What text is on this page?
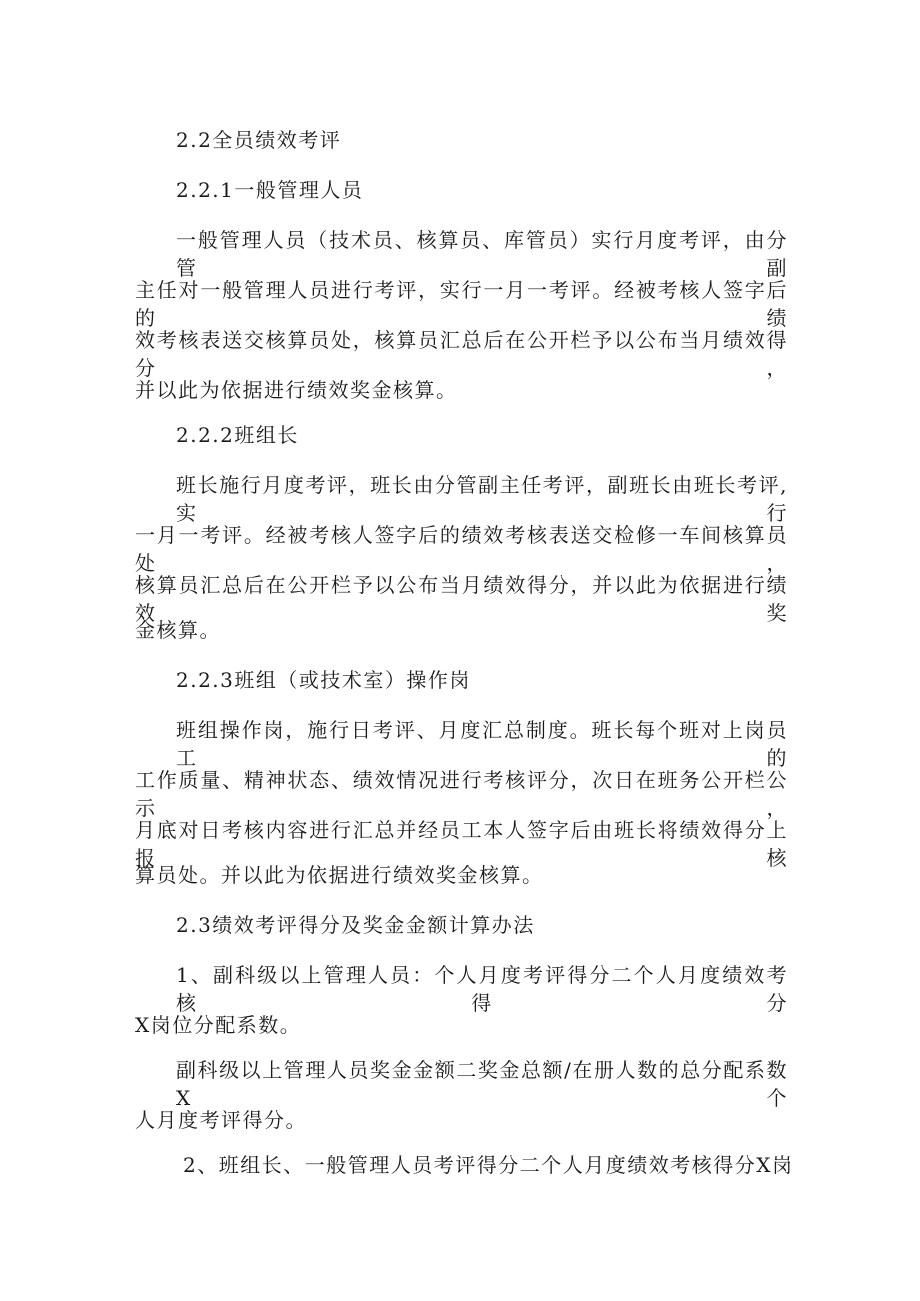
2.2全员绩效考评
2.2.1一般管理人员
一般管理人员（技术员、核算员、库管员）实行月度考评，由分管副
主任对一般管理人员进行考评，实行一月一考评。经被考核人签字后的绩
效考核表送交核算员处，核算员汇总后在公开栏予以公布当月绩效得分，
并以此为依据进行绩效奖金核算。
2.2.2班组长
班长施行月度考评，班长由分管副主任考评，副班长由班长考评,实行
一月一考评。经被考核人签字后的绩效考核表送交检修一车间核算员处，
核算员汇总后在公开栏予以公布当月绩效得分，并以此为依据进行绩效奖
金核算。
2.2.3班组（或技术室）操作岗
班组操作岗，施行日考评、月度汇总制度。班长每个班对上岗员工的
工作质量、精神状态、绩效情况进行考核评分，次日在班务公开栏公示，
月底对日考核内容进行汇总并经员工本人签字后由班长将绩效得分上报核
算员处。并以此为依据进行绩效奖金核算。
2.3绩效考评得分及奖金金额计算办法
1、副科级以上管理人员：个人月度考评得分二个人月度绩效考核得分
X岗位分配系数。
副科级以上管理人员奖金金额二奖金总额/在册人数的总分配系数X个
人月度考评得分。
2、班组长、一般管理人员考评得分二个人月度绩效考核得分X岗
